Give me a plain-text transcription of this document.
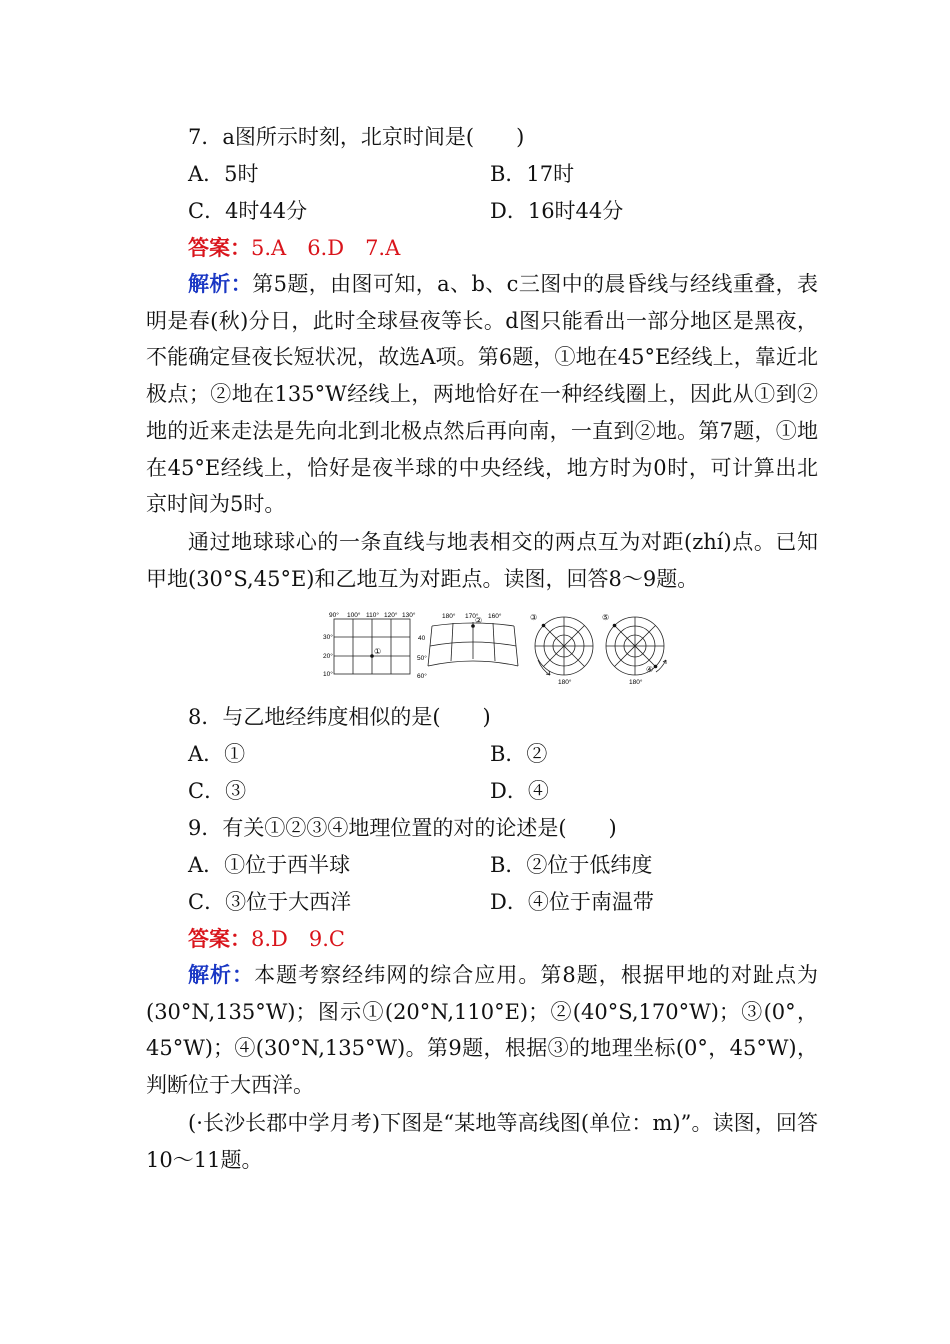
7．a图所示时刻，北京时间是(　　)
A．5时	B．17时
C．4时44分	D．16时44分
答案：5.A　6.D　7.A
解析：第5题，由图可知，a、b、c三图中的晨昏线与经线重叠，表明是春(秋)分日，此时全球昼夜等长。d图只能看出一部分地区是黑夜，不能确定昼夜长短状况，故选A项。第6题，①地在45°E经线上，靠近北极点；②地在135°W经线上，两地恰好在一种经线圈上，因此从①到②地的近来走法是先向北到北极点然后再向南，一直到②地。第7题，①地在45°E经线上，恰好是夜半球的中央经线，地方时为0时，可计算出北京时间为5时。
通过地球球心的一条直线与地表相交的两点互为对距(zhí)点。已知甲地(30°S,45°E)和乙地互为对距点。读图，回答8～9题。
90° 100° 110° 120° 130°
30°
20°
10°
①
180° 170° 160°
40
50°
60°
②	③
180°
⑤
④
180°
8．与乙地经纬度相似的是(　　)
A．①	B．②
C．③	D．④
9．有关①②③④地理位置的对的论述是(　　)
A．①位于西半球	B．②位于低纬度
C．③位于大西洋	D．④位于南温带
答案：8.D　9.C
解析：本题考察经纬网的综合应用。第8题，根据甲地的对趾点为(30°N,135°W)；图示①(20°N,110°E)；②(40°S,170°W)；③(0°，45°W)；④(30°N,135°W)。第9题，根据③的地理坐标(0°，45°W)，判断位于大西洋。
(·长沙长郡中学月考)下图是“某地等高线图(单位：m)”。读图，回答10～11题。
